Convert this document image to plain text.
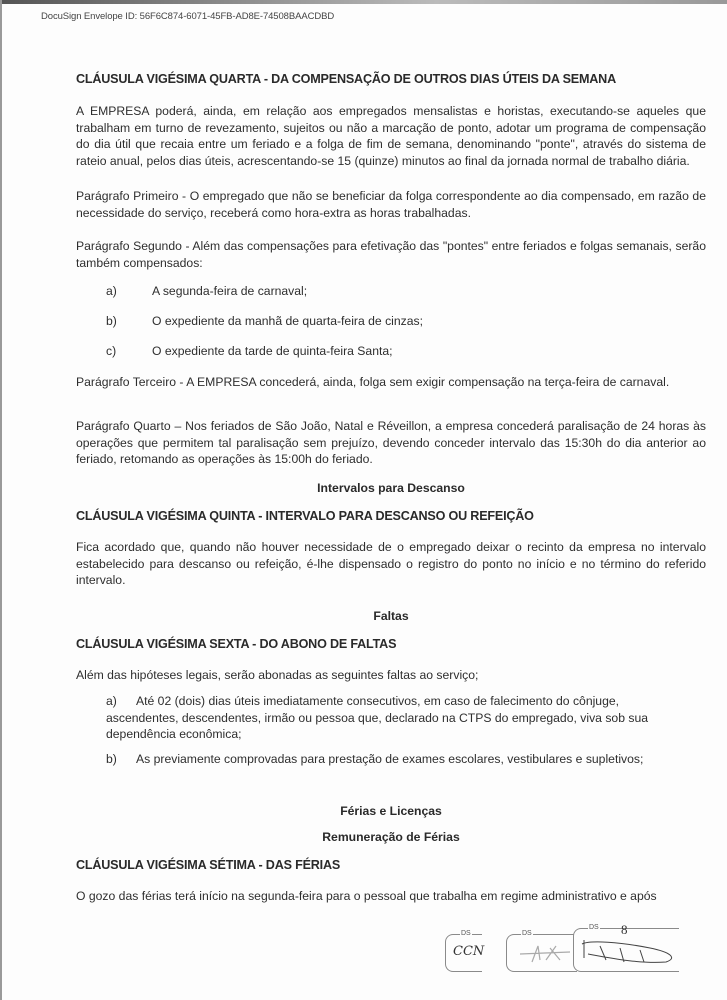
DocuSign Envelope ID: 56F6C874-6071-45FB-AD8E-74508BAACDBD
CLÁUSULA VIGÉSIMA QUARTA - DA COMPENSAÇÃO DE OUTROS DIAS ÚTEIS DA SEMANA

A EMPRESA poderá, ainda, em relação aos empregados mensalistas e horistas, executando-se aqueles que trabalham em turno de revezamento, sujeitos ou não a marcação de ponto, adotar um programa de compensação do dia útil que recaia entre um feriado e a folga de fim de semana, denominando "ponte", através do sistema de rateio anual, pelos dias úteis, acrescentando-se 15 (quinze) minutos ao final da jornada normal de trabalho diária.

Parágrafo Primeiro - O empregado que não se beneficiar da folga correspondente ao dia compensado, em razão de necessidade do serviço, receberá como hora-extra as horas trabalhadas.

Parágrafo Segundo - Além das compensações para efetivação das "pontes" entre feriados e folgas semanais, serão também compensados:

a)	A segunda-feira de carnaval;

b)	O expediente da manhã de quarta-feira de cinzas;

c)	O expediente da tarde de quinta-feira Santa;

Parágrafo Terceiro - A EMPRESA concederá, ainda, folga sem exigir compensação na terça-feira de carnaval.

Parágrafo Quarto – Nos feriados de São João, Natal e Réveillon, a empresa concederá paralisação de 24 horas às operações que permitem tal paralisação sem prejuízo, devendo conceder intervalo das 15:30h do dia anterior ao feriado, retomando as operações às 15:00h do feriado.

Intervalos para Descanso
CLÁUSULA VIGÉSIMA QUINTA - INTERVALO PARA DESCANSO OU REFEIÇÃO

Fica acordado que, quando não houver necessidade de o empregado deixar o recinto da empresa no intervalo estabelecido para descanso ou refeição, é-lhe dispensado o registro do ponto no início e no término do referido intervalo.

Faltas
CLÁUSULA VIGÉSIMA SEXTA - DO ABONO DE FALTAS

Além das hipóteses legais, serão abonadas as seguintes faltas ao serviço;

a) Até 02 (dois) dias úteis imediatamente consecutivos, em caso de falecimento do cônjuge, ascendentes, descendentes, irmão ou pessoa que, declarado na CTPS do empregado, viva sob sua dependência econômica;

b) As previamente comprovadas para prestação de exames escolares, vestibulares e supletivos;

Férias e Licenças
Remuneração de Férias
CLÁUSULA VIGÉSIMA SÉTIMA - DAS FÉRIAS

O gozo das férias terá início na segunda-feira para o pessoal que trabalha em regime administrativo e após

DS
CCN
DS
DS 8
